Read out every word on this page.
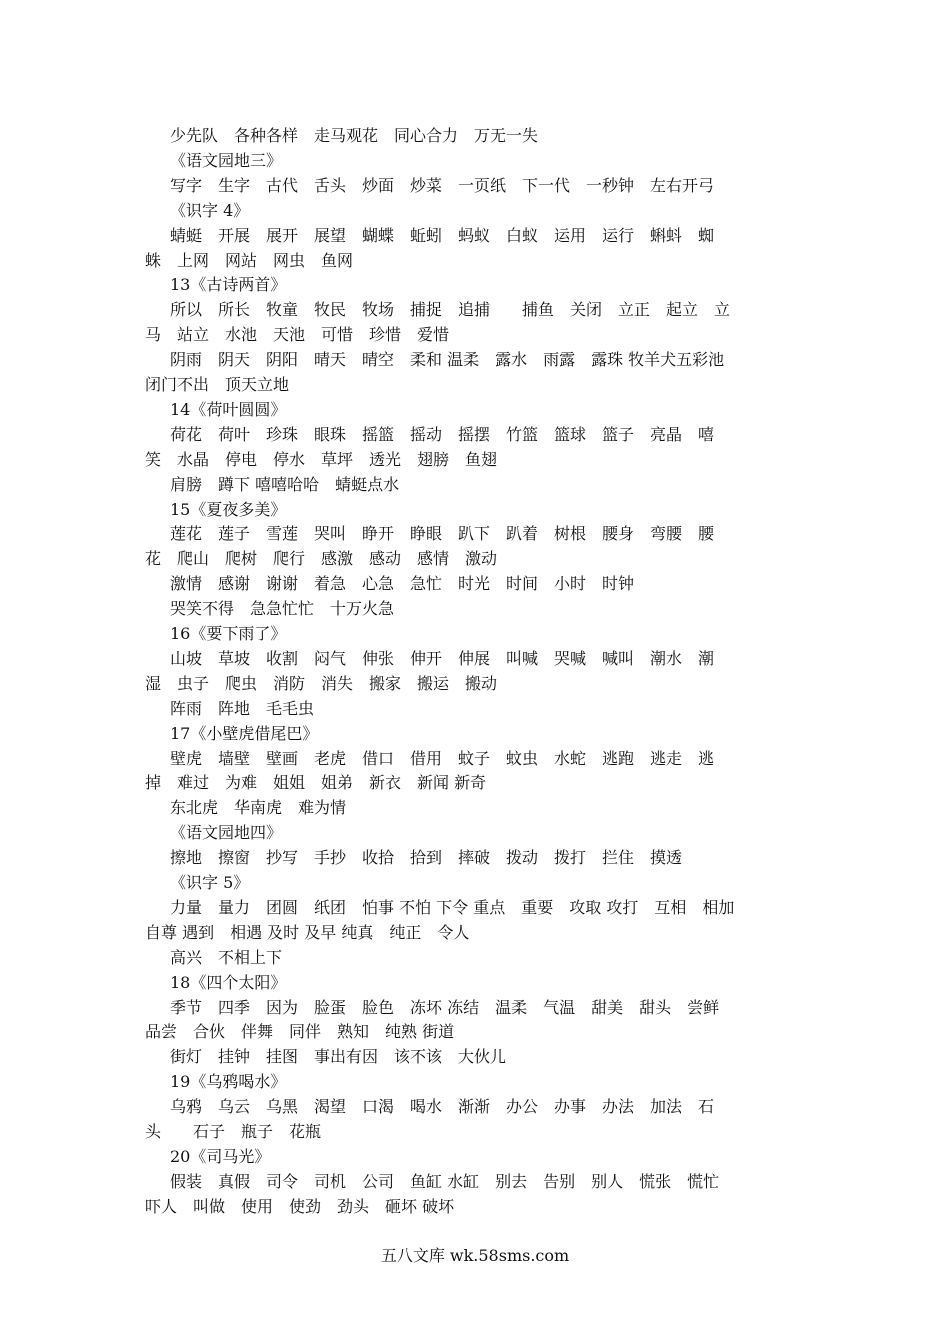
少先队　各种各样　走马观花　同心合力　万无一失
《语文园地三》
写字　生字　古代　舌头　炒面　炒菜　一页纸　下一代　一秒钟　左右开弓
《识字 4》
蜻蜓　开展　展开　展望　蝴蝶　蚯蚓　蚂蚁　白蚁　运用　运行　蝌蚪　蜘
蛛　上网　网站　网虫　鱼网
13《古诗两首》
所以　所长　牧童　牧民　牧场　捕捉　追捕　　捕鱼　关闭　立正　起立　立
马　站立　水池　天池　可惜　珍惜　爱惜
阴雨　阴天　阴阳　晴天　晴空　柔和 温柔　露水　雨露　露珠 牧羊犬五彩池
闭门不出　顶天立地
14《荷叶圆圆》
荷花　荷叶　珍珠　眼珠　摇篮　摇动　摇摆　竹篮　篮球　篮子　亮晶　嘻
笑　水晶　停电　停水　草坪　透光　翅膀　鱼翅
肩膀　蹲下 嘻嘻哈哈　蜻蜓点水
15《夏夜多美》
莲花　莲子　雪莲　哭叫　睁开　睁眼　趴下　趴着　树根　腰身　弯腰　腰
花　爬山　爬树　爬行　感激　感动　感情　激动
激情　感谢　谢谢　着急　心急　急忙　时光　时间　小时　时钟
哭笑不得　急急忙忙　十万火急
16《要下雨了》
山坡　草坡　收割　闷气　伸张　伸开　伸展　叫喊　哭喊　喊叫　潮水　潮
湿　虫子　爬虫　消防　消失　搬家　搬运　搬动
阵雨　阵地　毛毛虫
17《小壁虎借尾巴》
壁虎　墙壁　壁画　老虎　借口　借用　蚊子　蚊虫　水蛇　逃跑　逃走　逃
掉　难过　为难　姐姐　姐弟　新衣　新闻 新奇
东北虎　华南虎　难为情
《语文园地四》
擦地　擦窗　抄写　手抄　收拾　拾到　摔破　拨动　拨打　拦住　摸透
《识字 5》
力量　量力　团圆　纸团　怕事 不怕 下令 重点　重要　攻取 攻打　互相　相加
自尊 遇到　相遇 及时 及早 纯真　纯正　令人
高兴　不相上下
18《四个太阳》
季节　四季　因为　脸蛋　脸色　冻坏 冻结　温柔　气温　甜美　甜头　尝鲜
品尝　合伙　伴舞　同伴　熟知　纯熟 街道
街灯　挂钟　挂图　事出有因　该不该　大伙儿
19《乌鸦喝水》
乌鸦　乌云　乌黑　渴望　口渴　喝水　渐渐　办公　办事　办法　加法　石
头　　石子　瓶子　花瓶
20《司马光》
假装　真假　司令　司机　公司　鱼缸 水缸　别去　告别　别人　慌张　慌忙
吓人　叫做　使用　使劲　劲头　砸坏 破坏
五八文库 wk.58sms.com
